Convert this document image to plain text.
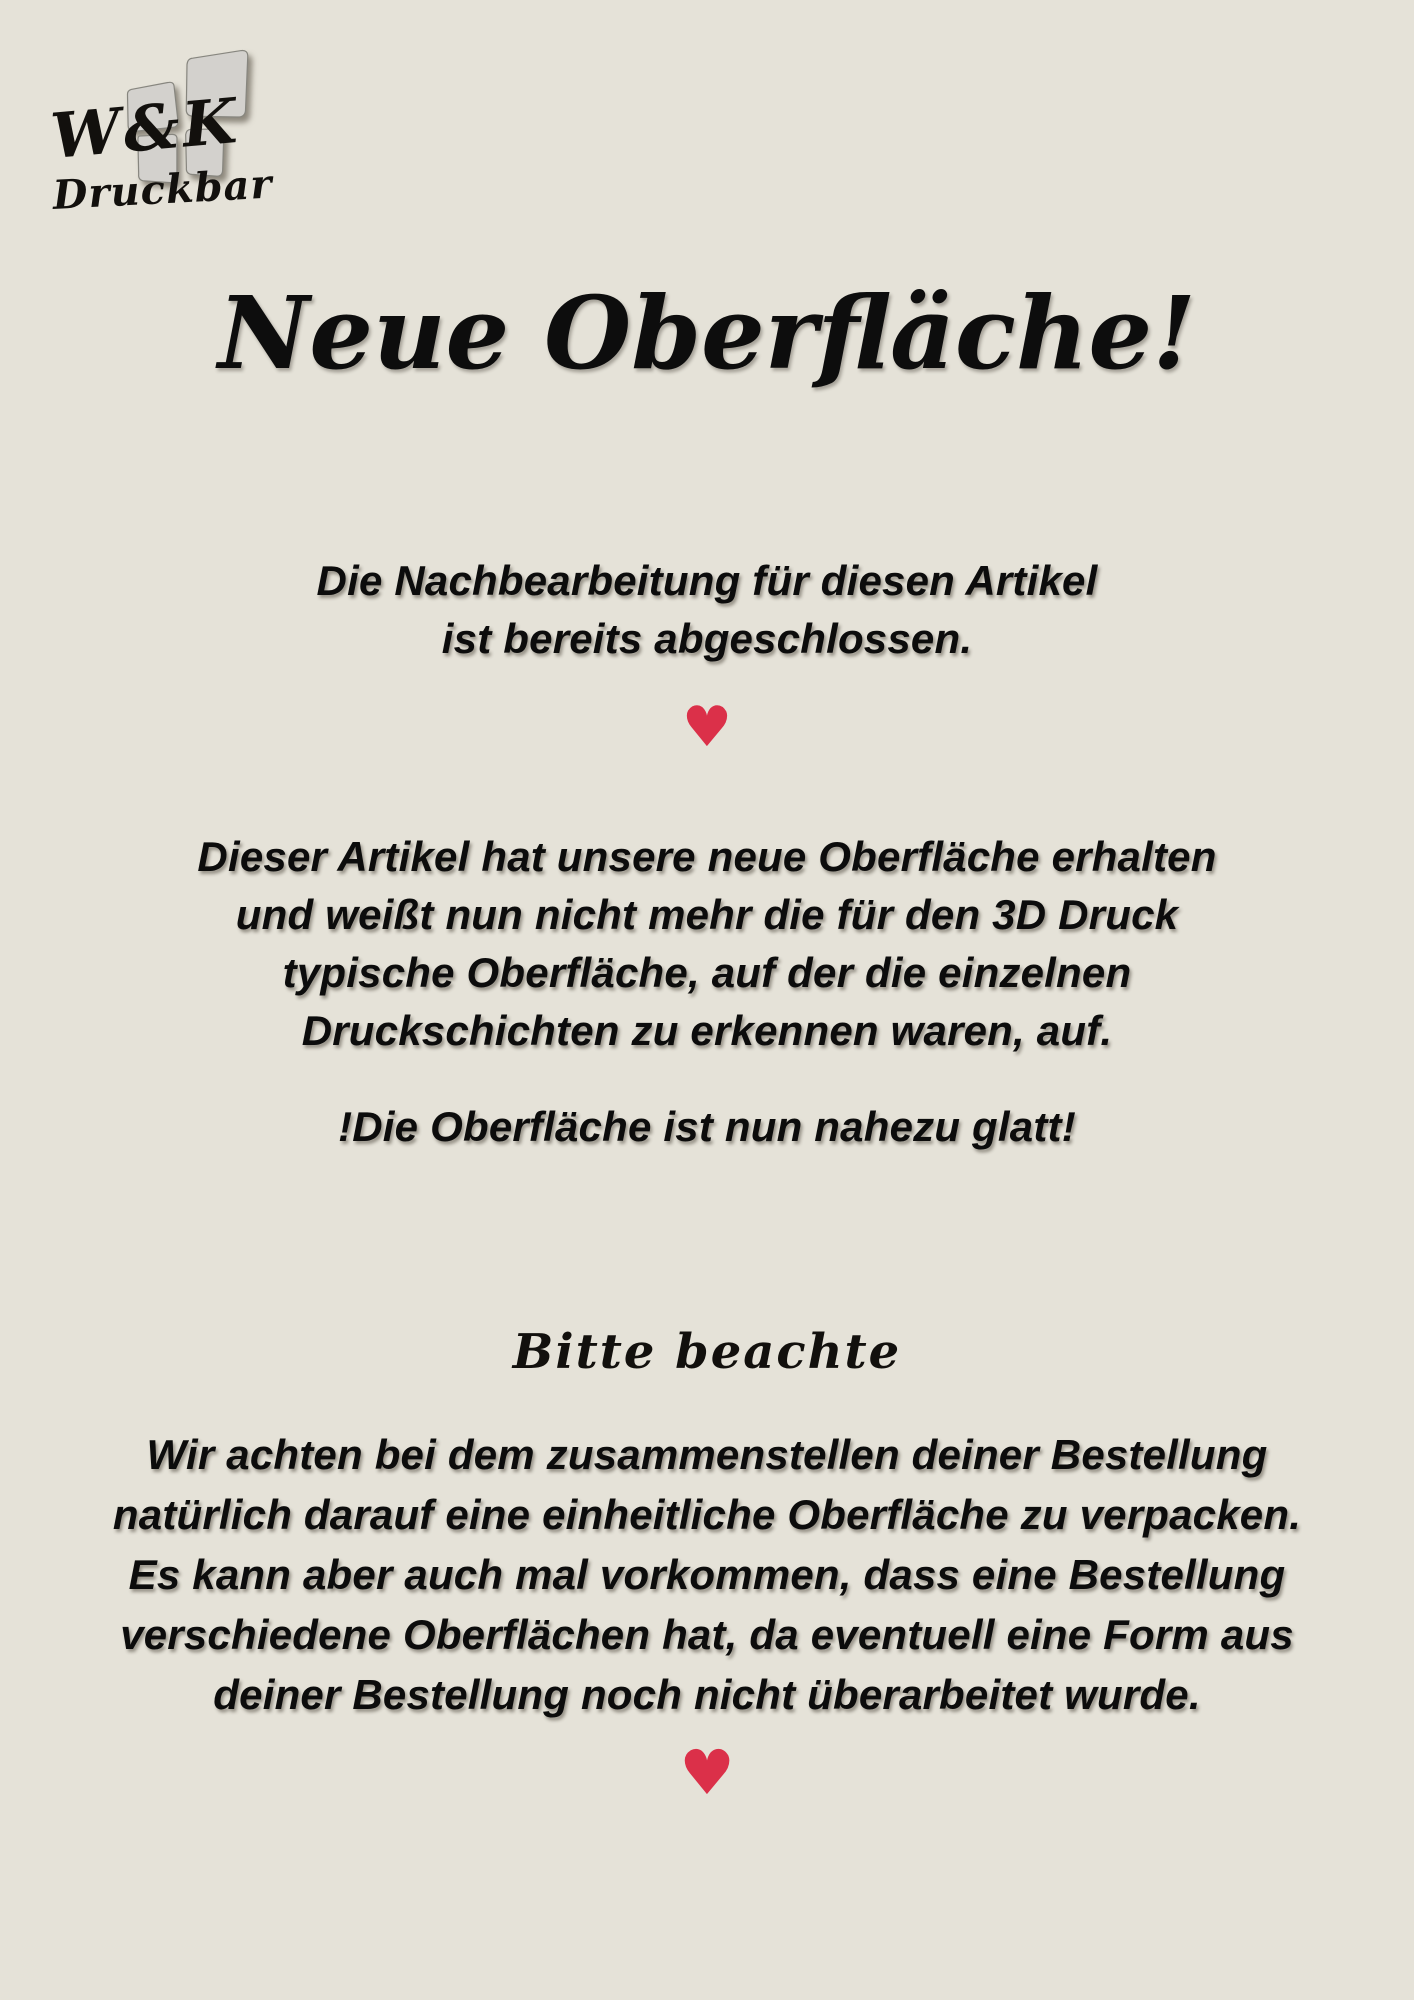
W&K
Druckbar
Neue Oberfläche!
Die Nachbearbeitung für diesen Artikel
ist bereits abgeschlossen.
♥
Dieser Artikel hat unsere neue Oberfläche erhalten
und weißt nun nicht mehr die für den 3D Druck
typische Oberfläche, auf der die einzelnen
Druckschichten zu erkennen waren, auf.
!Die Oberfläche ist nun nahezu glatt!
Bitte beachte
Wir achten bei dem zusammenstellen deiner Bestellung
natürlich darauf eine einheitliche Oberfläche zu verpacken.
Es kann aber auch mal vorkommen, dass eine Bestellung
verschiedene Oberflächen hat, da eventuell eine Form aus
deiner Bestellung noch nicht überarbeitet wurde.
♥
